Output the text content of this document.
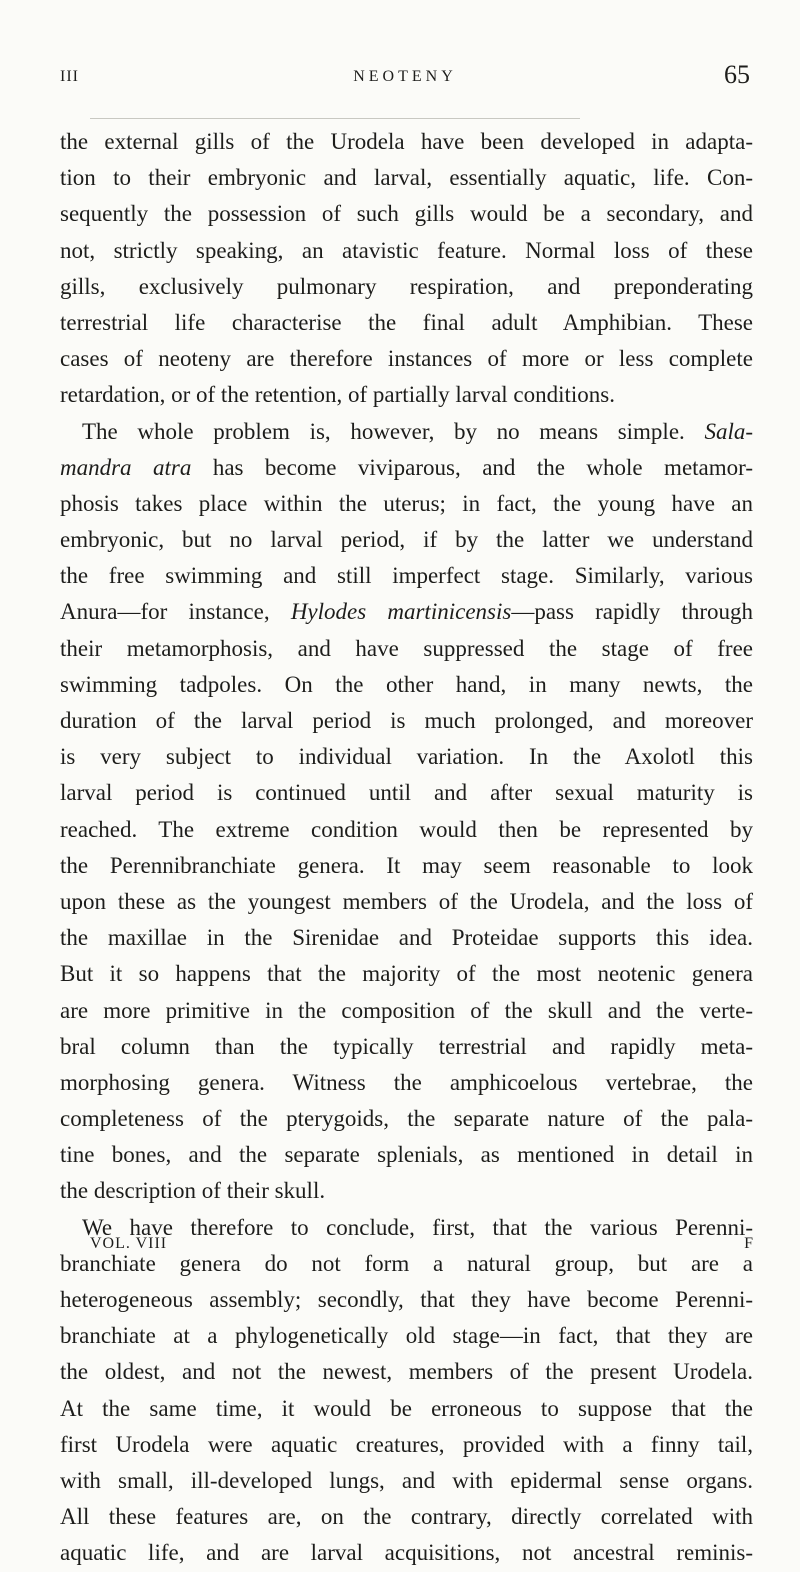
III	NEOTENY	65
the external gills of the Urodela have been developed in adapta-
tion to their embryonic and larval, essentially aquatic, life. Con-
sequently the possession of such gills would be a secondary, and
not, strictly speaking, an atavistic feature. Normal loss of these
gills, exclusively pulmonary respiration, and preponderating
terrestrial life characterise the final adult Amphibian. These
cases of neoteny are therefore instances of more or less complete
retardation, or of the retention, of partially larval conditions.
The whole problem is, however, by no means simple. Sala-
mandra atra has become viviparous, and the whole metamor-
phosis takes place within the uterus; in fact, the young have an
embryonic, but no larval period, if by the latter we understand
the free swimming and still imperfect stage. Similarly, various
Anura—for instance, Hylodes martinicensis—pass rapidly through
their metamorphosis, and have suppressed the stage of free
swimming tadpoles. On the other hand, in many newts, the
duration of the larval period is much prolonged, and moreover
is very subject to individual variation. In the Axolotl this
larval period is continued until and after sexual maturity is
reached. The extreme condition would then be represented by
the Perennibranchiate genera. It may seem reasonable to look
upon these as the youngest members of the Urodela, and the loss of
the maxillae in the Sirenidae and Proteidae supports this idea.
But it so happens that the majority of the most neotenic genera
are more primitive in the composition of the skull and the verte-
bral column than the typically terrestrial and rapidly meta-
morphosing genera. Witness the amphicoelous vertebrae, the
completeness of the pterygoids, the separate nature of the pala-
tine bones, and the separate splenials, as mentioned in detail in
the description of their skull.
We have therefore to conclude, first, that the various Perenni-
branchiate genera do not form a natural group, but are a
heterogeneous assembly; secondly, that they have become Perenni-
branchiate at a phylogenetically old stage—in fact, that they are
the oldest, and not the newest, members of the present Urodela.
At the same time, it would be erroneous to suppose that the
first Urodela were aquatic creatures, provided with a finny tail,
with small, ill-developed lungs, and with epidermal sense organs.
All these features are, on the contrary, directly correlated with
aquatic life, and are larval acquisitions, not ancestral reminis-
VOL. VIII	F
